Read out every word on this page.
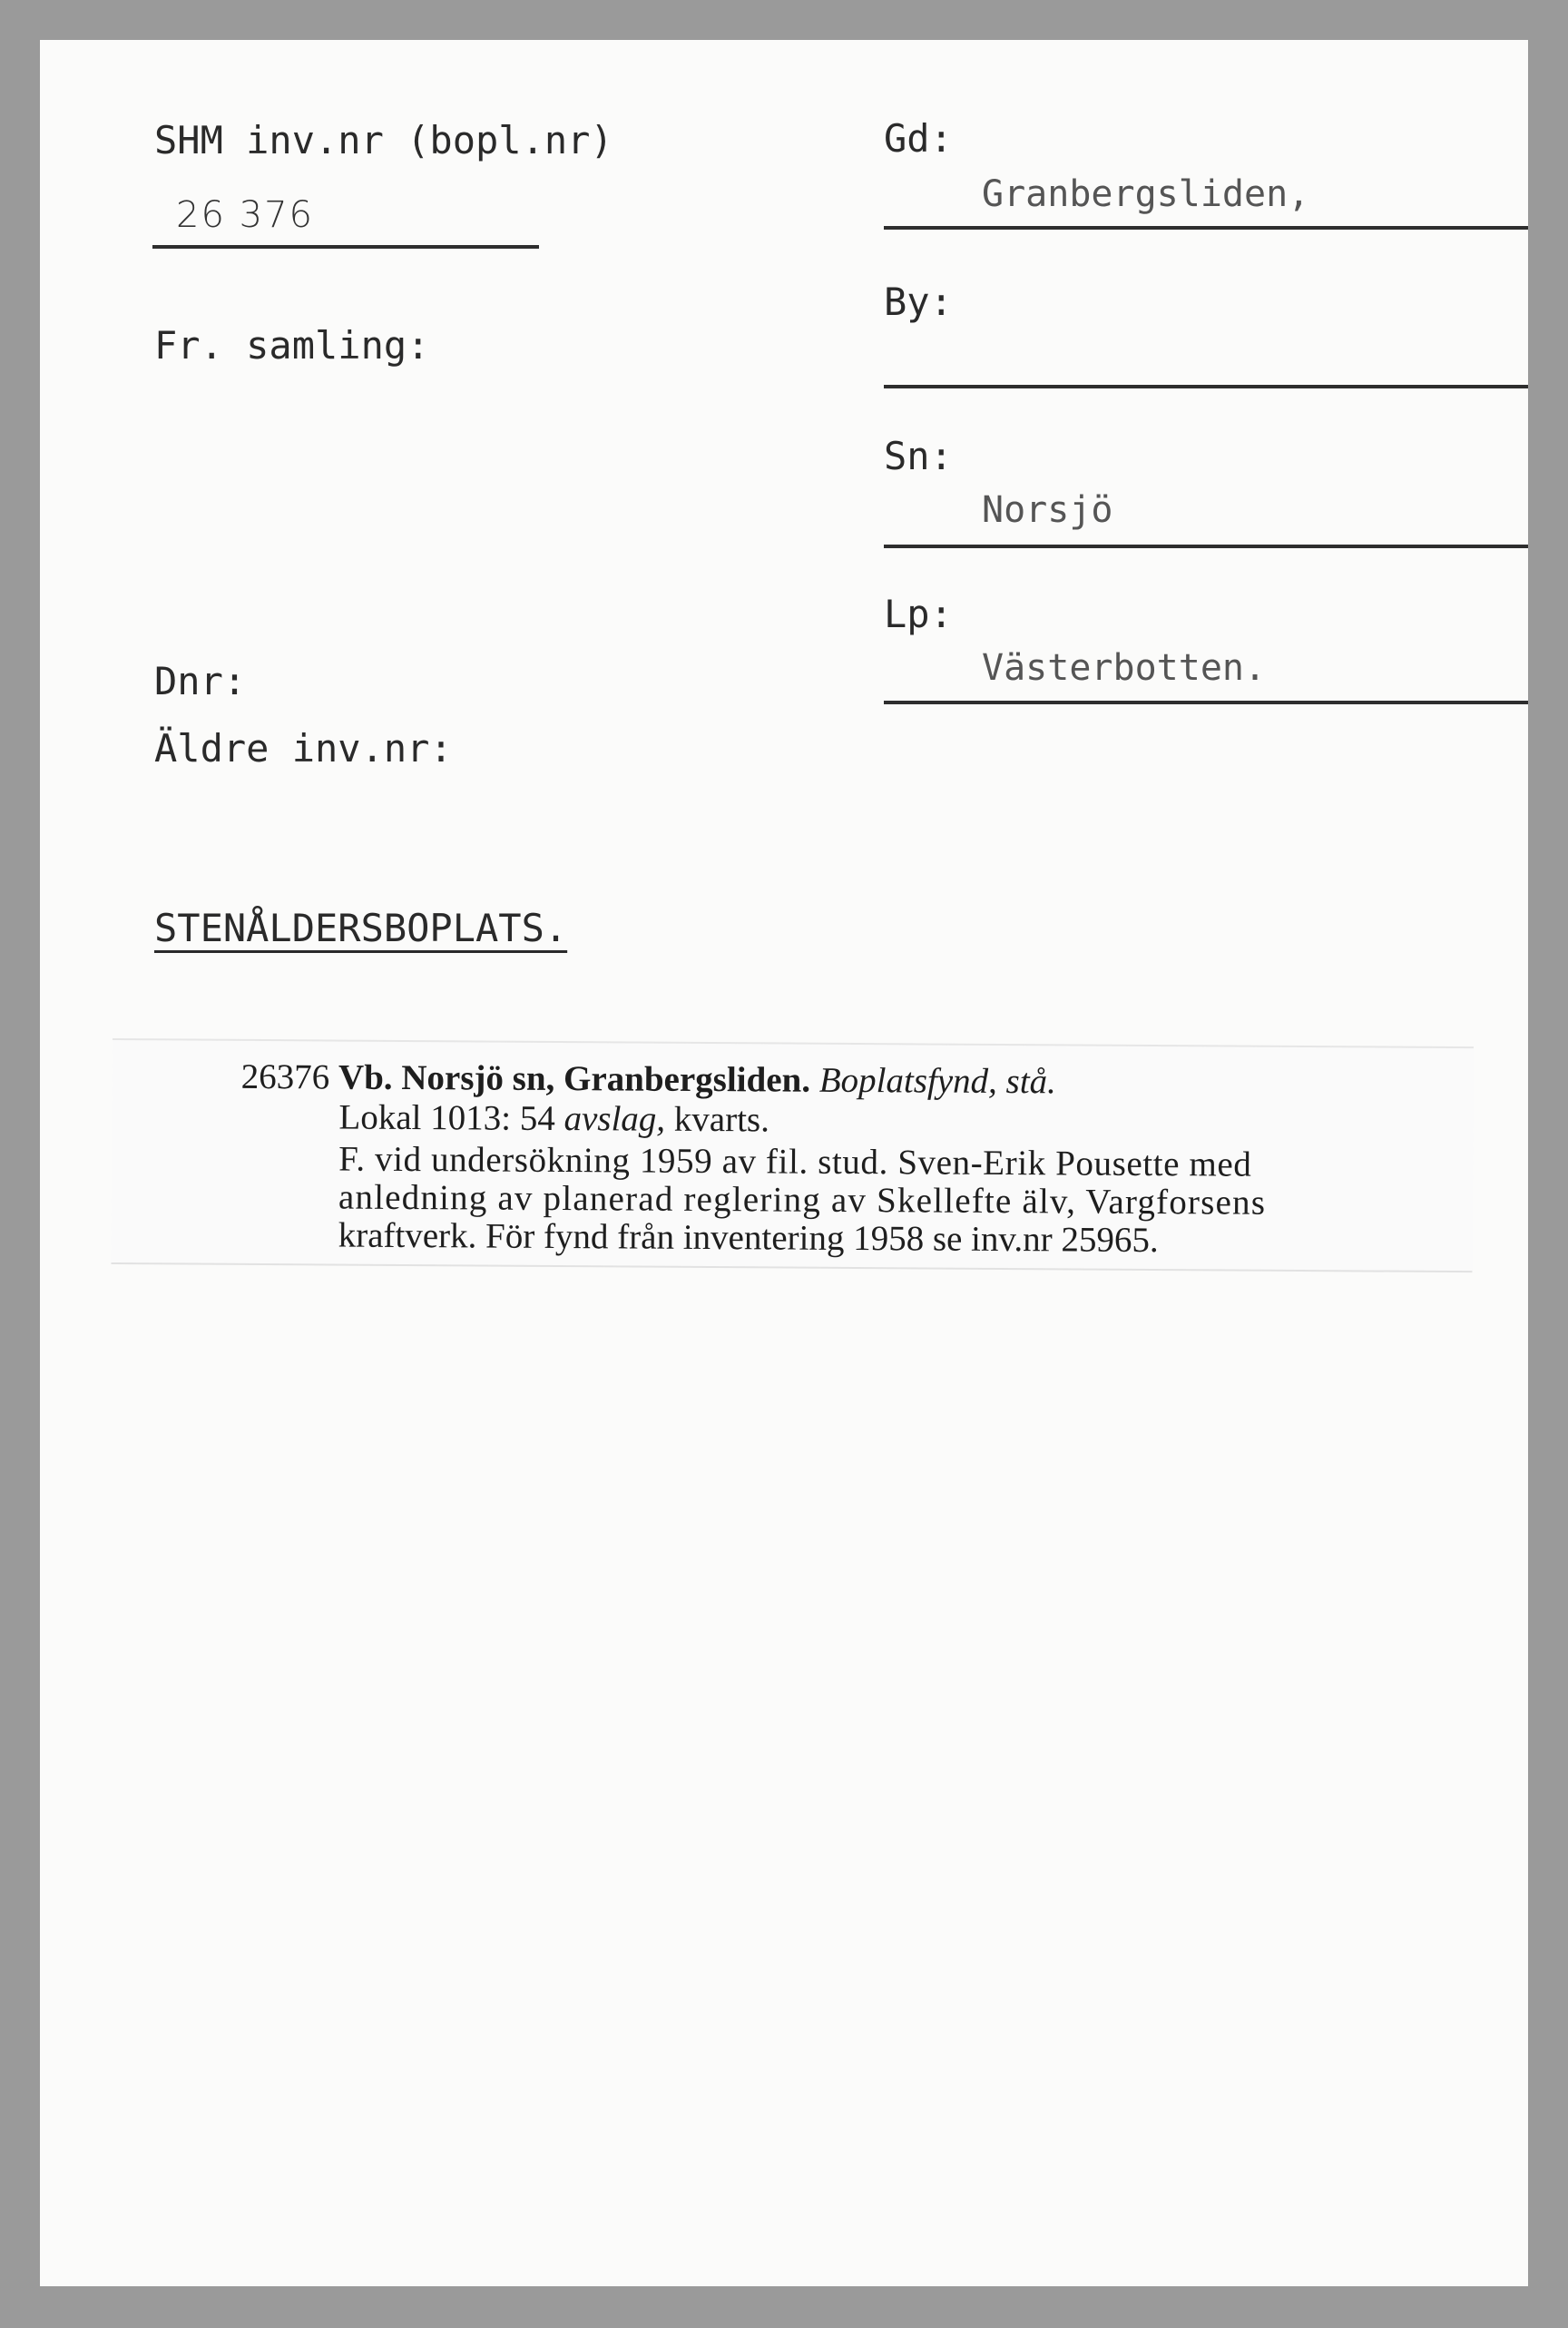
SHM inv.nr (bopl.nr)
26 376
Fr. samling:
Dnr:
Äldre inv.nr:
STENÅLDERSBOPLATS.
Gd:
Granbergsliden,
By:
Sn:
Norsjö
Lp:
Västerbotten.
26376 Vb. Norsjö sn, Granbergsliden. Boplatsfynd, stå.
Lokal 1013: 54 avslag, kvarts.
F. vid undersökning 1959 av fil. stud. Sven-Erik Pousette med
anledning av planerad reglering av Skellefte älv, Vargforsens
kraftverk. För fynd från inventering 1958 se inv.nr 25965.
